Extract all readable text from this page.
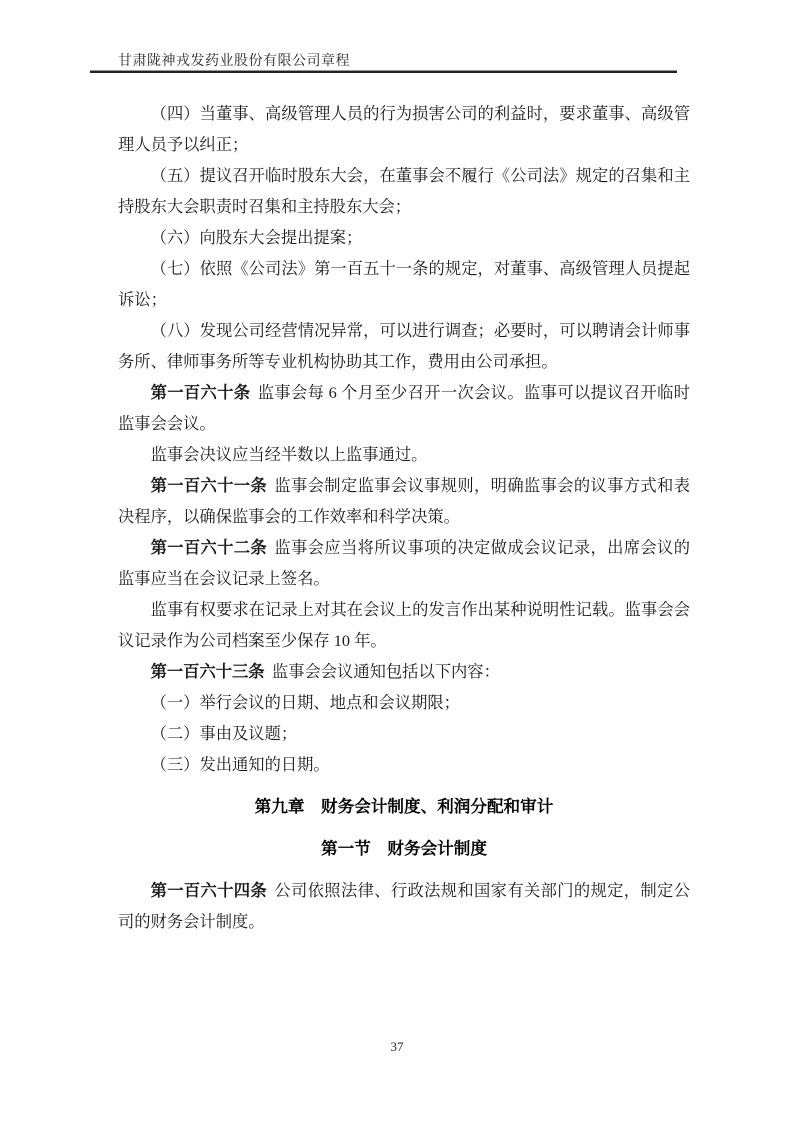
甘肃陇神戎发药业股份有限公司章程

（四）当董事、高级管理人员的行为损害公司的利益时，要求董事、高级管理人员予以纠正；

（五）提议召开临时股东大会，在董事会不履行《公司法》规定的召集和主持股东大会职责时召集和主持股东大会；

（六）向股东大会提出提案；

（七）依照《公司法》第一百五十一条的规定，对董事、高级管理人员提起诉讼；

（八）发现公司经营情况异常，可以进行调查；必要时，可以聘请会计师事务所、律师事务所等专业机构协助其工作，费用由公司承担。

第一百六十条 监事会每 6 个月至少召开一次会议。监事可以提议召开临时监事会会议。

监事会决议应当经半数以上监事通过。

第一百六十一条 监事会制定监事会议事规则，明确监事会的议事方式和表决程序，以确保监事会的工作效率和科学决策。

第一百六十二条 监事会应当将所议事项的决定做成会议记录，出席会议的监事应当在会议记录上签名。

监事有权要求在记录上对其在会议上的发言作出某种说明性记载。监事会会议记录作为公司档案至少保存 10 年。

第一百六十三条 监事会会议通知包括以下内容：

（一）举行会议的日期、地点和会议期限；

（二）事由及议题；

（三）发出通知的日期。

第九章　财务会计制度、利润分配和审计
第一节　财务会计制度

第一百六十四条 公司依照法律、行政法规和国家有关部门的规定，制定公司的财务会计制度。

37
